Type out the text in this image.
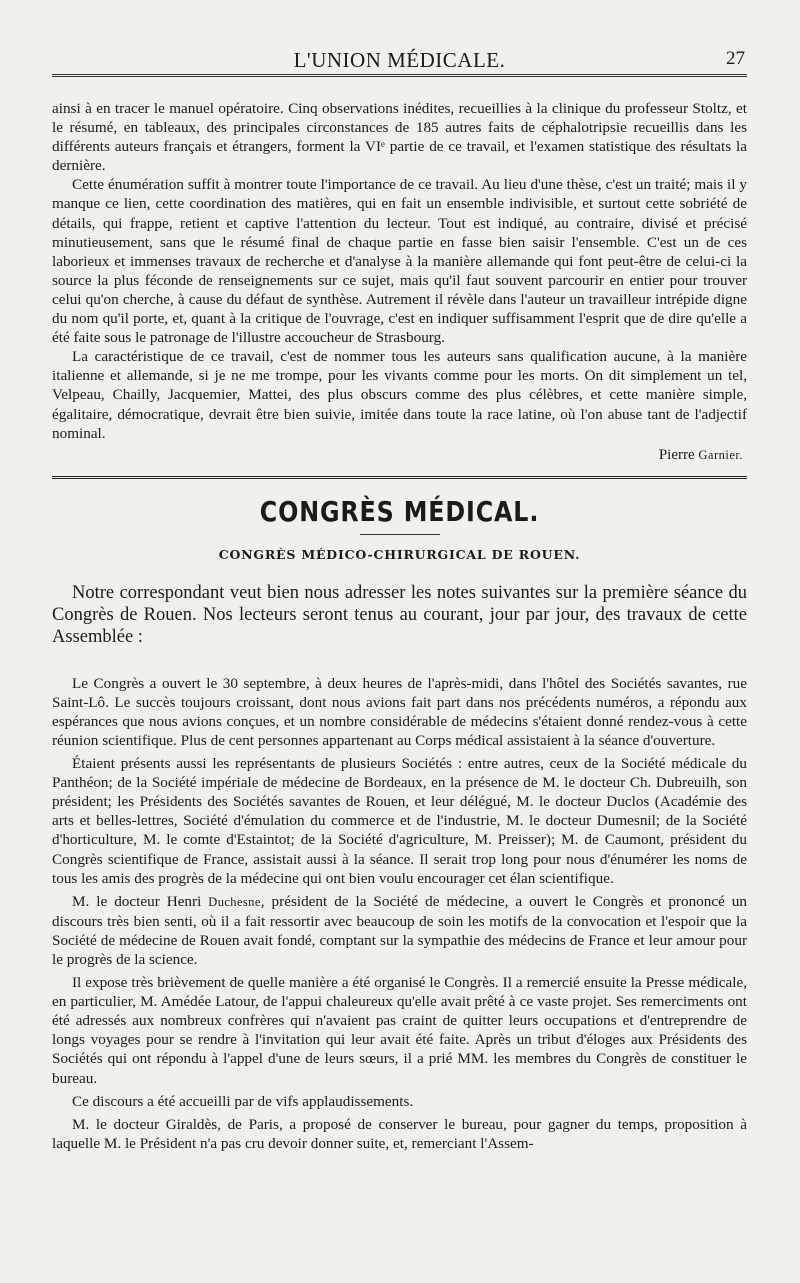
L'UNION MÉDICALE.	27

ainsi à en tracer le manuel opératoire. Cinq observations inédites, recueillies à la clinique du professeur Stoltz, et le résumé, en tableaux, des principales circonstances de 185 autres faits de céphalotripsie recueillis dans les différents auteurs français et étrangers, forment la VIᵉ partie de ce travail, et l'examen statistique des résultats la dernière.

Cette énumération suffit à montrer toute l'importance de ce travail. Au lieu d'une thèse, c'est un traité; mais il y manque ce lien, cette coordination des matières, qui en fait un ensemble indivisible, et surtout cette sobriété de détails, qui frappe, retient et captive l'attention du lecteur. Tout est indiqué, au contraire, divisé et précisé minutieusement, sans que le résumé final de chaque partie en fasse bien saisir l'ensemble. C'est un de ces laborieux et immenses travaux de recherche et d'analyse à la manière allemande qui font peut-être de celui-ci la source la plus féconde de renseignements sur ce sujet, mais qu'il faut souvent parcourir en entier pour trouver celui qu'on cherche, à cause du défaut de synthèse. Autrement il révèle dans l'auteur un travailleur intrépide digne du nom qu'il porte, et, quant à la critique de l'ouvrage, c'est en indiquer suffisamment l'esprit que de dire qu'elle a été faite sous le patronage de l'illustre accoucheur de Strasbourg.

La caractéristique de ce travail, c'est de nommer tous les auteurs sans qualification aucune, à la manière italienne et allemande, si je ne me trompe, pour les vivants comme pour les morts. On dit simplement un tel, Velpeau, Chailly, Jacquemier, Mattei, des plus obscurs comme des plus célèbres, et cette manière simple, égalitaire, démocratique, devrait être bien suivie, imitée dans toute la race latine, où l'on abuse tant de l'adjectif nominal.

Pierre Garnier.
CONGRÈS MÉDICAL.
CONGRÈS MÉDICO-CHIRURGICAL DE ROUEN.

Notre correspondant veut bien nous adresser les notes suivantes sur la première séance du Congrès de Rouen. Nos lecteurs seront tenus au courant, jour par jour, des travaux de cette Assemblée :

Le Congrès a ouvert le 30 septembre, à deux heures de l'après-midi, dans l'hôtel des Sociétés savantes, rue Saint-Lô. Le succès toujours croissant, dont nous avions fait part dans nos précédents numéros, a répondu aux espérances que nous avions conçues, et un nombre considérable de médecins s'étaient donné rendez-vous à cette réunion scientifique. Plus de cent personnes appartenant au Corps médical assistaient à la séance d'ouverture.

Étaient présents aussi les représentants de plusieurs Sociétés : entre autres, ceux de la Société médicale du Panthéon; de la Société impériale de médecine de Bordeaux, en la présence de M. le docteur Ch. Dubreuilh, son président; les Présidents des Sociétés savantes de Rouen, et leur délégué, M. le docteur Duclos (Académie des arts et belles-lettres, Société d'émulation du commerce et de l'industrie, M. le docteur Dumesnil; de la Société d'horticulture, M. le comte d'Estaintot; de la Société d'agriculture, M. Preisser); M. de Caumont, président du Congrès scientifique de France, assistait aussi à la séance. Il serait trop long pour nous d'énumérer les noms de tous les amis des progrès de la médecine qui ont bien voulu encourager cet élan scientifique.

M. le docteur Henri Duchesne, président de la Société de médecine, a ouvert le Congrès et prononcé un discours très bien senti, où il a fait ressortir avec beaucoup de soin les motifs de la convocation et l'espoir que la Société de médecine de Rouen avait fondé, comptant sur la sympathie des médecins de France et leur amour pour le progrès de la science.

Il expose très brièvement de quelle manière a été organisé le Congrès. Il a remercié ensuite la Presse médicale, en particulier, M. Amédée Latour, de l'appui chaleureux qu'elle avait prêté à ce vaste projet. Ses remerciments ont été adressés aux nombreux confrères qui n'avaient pas craint de quitter leurs occupations et d'entreprendre de longs voyages pour se rendre à l'invitation qui leur avait été faite. Après un tribut d'éloges aux Présidents des Sociétés qui ont répondu à l'appel d'une de leurs sœurs, il a prié MM. les membres du Congrès de constituer le bureau.

Ce discours a été accueilli par de vifs applaudissements.

M. le docteur Giraldès, de Paris, a proposé de conserver le bureau, pour gagner du temps, proposition à laquelle M. le Président n'a pas cru devoir donner suite, et, remerciant l'Assem-
